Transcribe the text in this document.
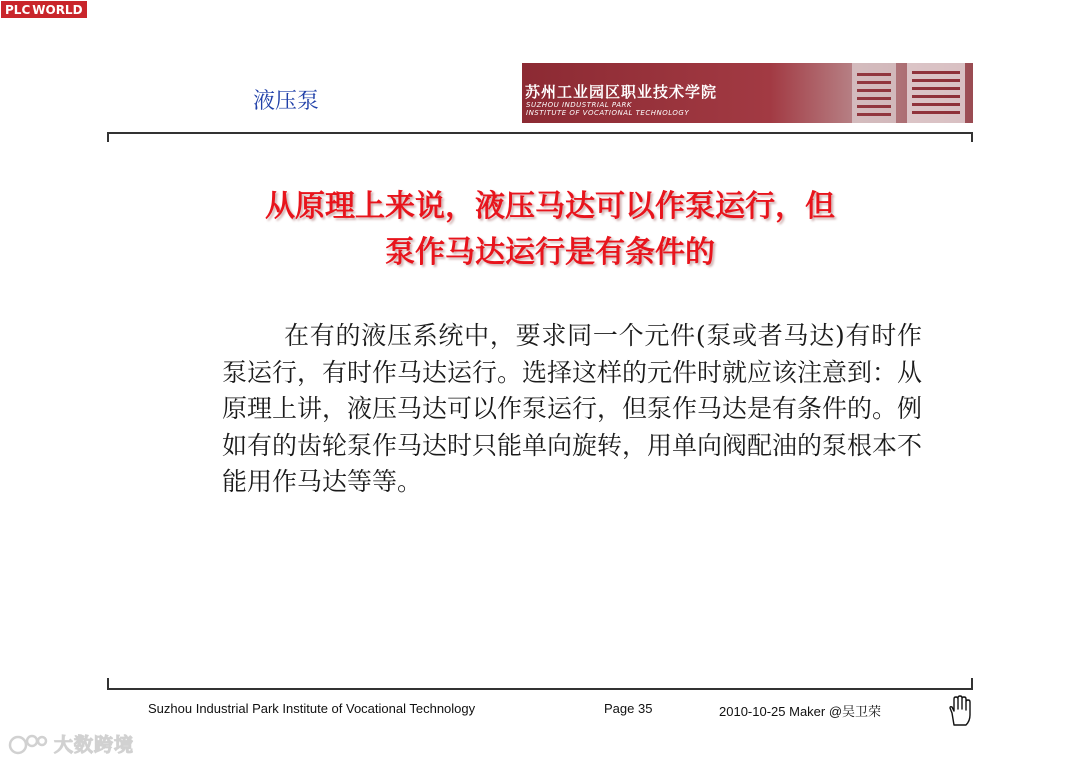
PLC WORLD
液压泵	苏州工业园区职业技术学院
SUZHOU INDUSTRIAL PARK
INSTITUTE OF VOCATIONAL TECHNOLOGY
从原理上来说，液压马达可以作泵运行，但
泵作马达运行是有条件的
在有的液压系统中，要求同一个元件(泵或者马达)有时作泵运行，有时作马达运行。选择这样的元件时就应该注意到：从原理上讲，液压马达可以作泵运行，但泵作马达是有条件的。例如有的齿轮泵作马达时只能单向旋转，用单向阀配油的泵根本不能用作马达等等。
Suzhou Industrial Park Institute of Vocational Technology	Page 35	2010-10-25 Maker @吴卫荣
大数跨境
